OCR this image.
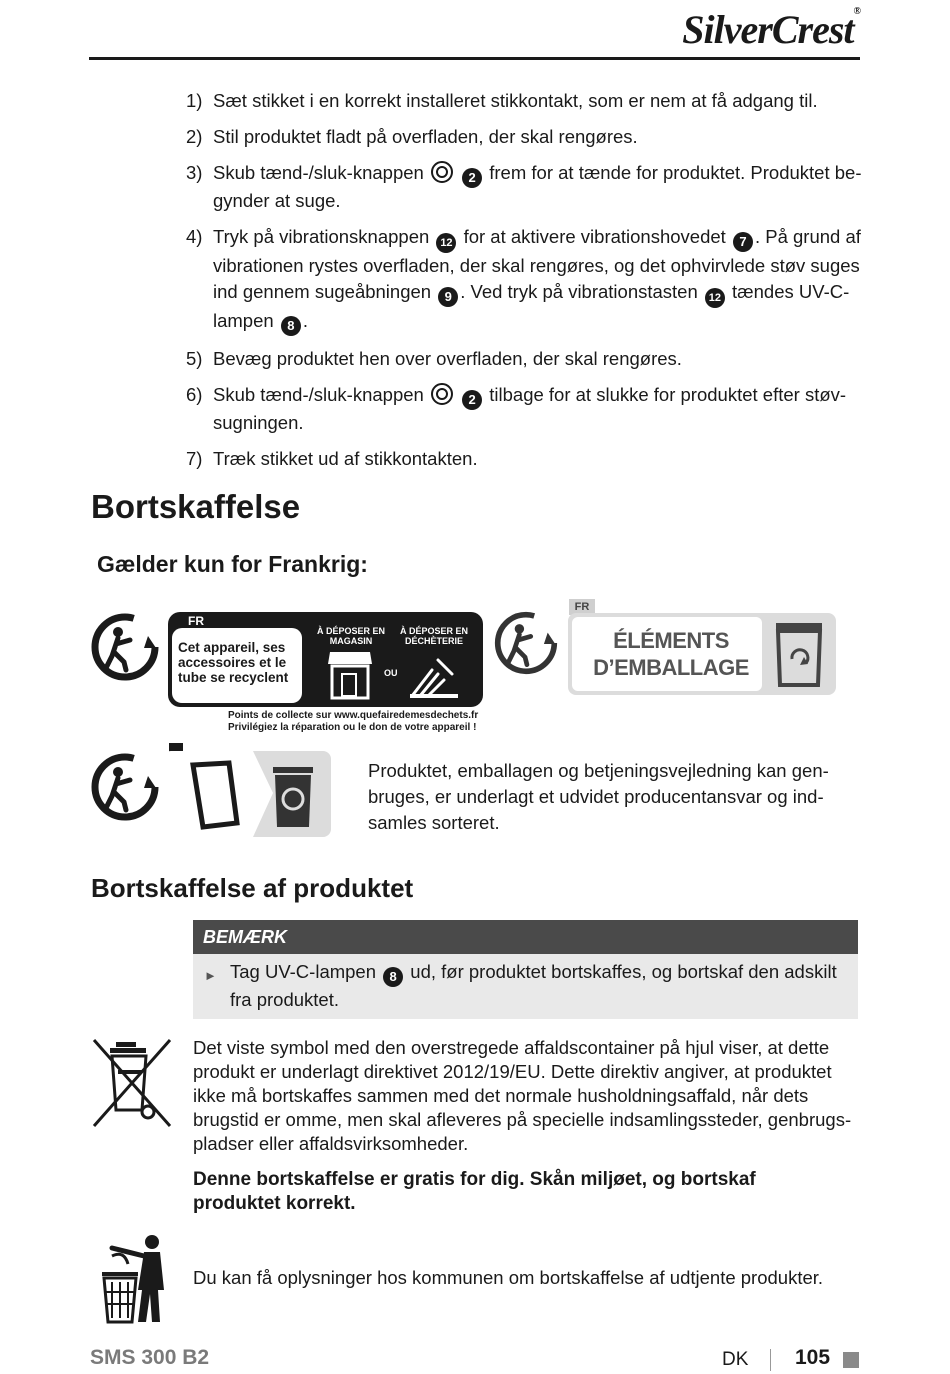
SilverCrest®
1) Sæt stikket i en korrekt installeret stikkontakt, som er nem at få adgang til.
2) Stil produktet fladt på overfladen, der skal rengøres.
3) Skub tænd-/sluk-knappen	2 frem for at tænde for produktet. Produktet begynder at suge.
4) Tryk på vibrationsknappen 12 for at aktivere vibrationshovedet 7 . På grund af vibrationen rystes overfladen, der skal rengøres, og det ophvirvlede støv suges ind gennem sugeåbningen 9 . Ved tryk på vibrationstasten 12 tændes UV-C-lampen 8 .
5) Bevæg produktet hen over overfladen, der skal rengøres.
6) Skub tænd-/sluk-knappen	2 tilbage for at slukke for produktet efter støvsugningen.
7) Træk stikket ud af stikkontakten.
Bortskaffelse
Gælder kun for Frankrig:
FR
Cet appareil, ses accessoires et le tube se recyclent
À DÉPOSER EN MAGASIN
À DÉPOSER EN DÉCHÈTERIE
OU
Points de collecte sur www.quefairedemesdechets.fr
Privilégiez la réparation ou le don de votre appareil !
FR
ÉLÉMENTS D’EMBALLAGE
Produktet, emballagen og betjeningsvejledning kan genbruges, er underlagt et udvidet producentansvar og indsamles sorteret.
Bortskaffelse af produktet
BEMÆRK
► Tag UV-C-lampen 8 ud, før produktet bortskaffes, og bortskaf den adskilt fra produktet.
Det viste symbol med den overstregede affaldscontainer på hjul viser, at dette produkt er underlagt direktivet 2012/19/EU. Dette direktiv angiver, at produktet ikke må bortskaffes sammen med det normale husholdningsaffald, når dets brugstid er omme, men skal afleveres på specielle indsamlingssteder, genbrugspladser eller affaldsvirksomheder.
Denne bortskaffelse er gratis for dig. Skån miljøet, og bortskaf produktet korrekt.
Du kan få oplysninger hos kommunen om bortskaffelse af udtjente produkter.
SMS 300 B2	DK 105
